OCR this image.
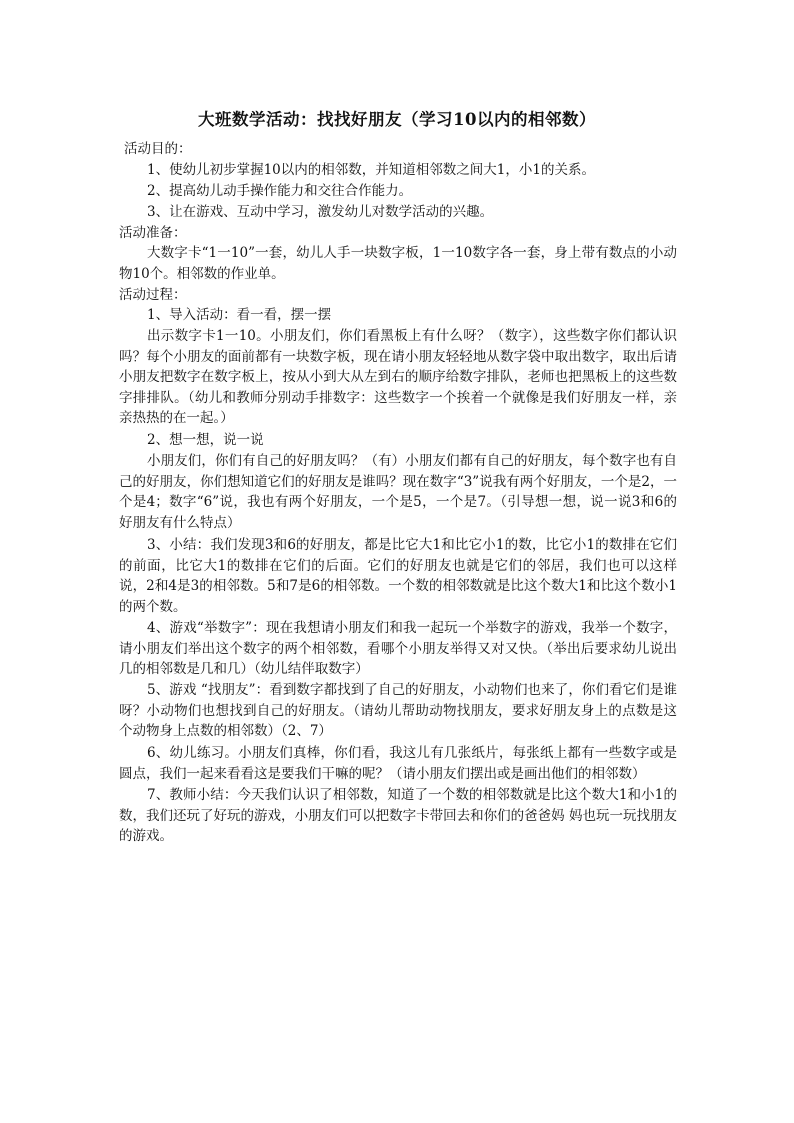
大班数学活动：找找好朋友（学习10以内的相邻数）
活动目的：
1、使幼儿初步掌握10以内的相邻数，并知道相邻数之间大1，小1的关系。
2、提高幼儿动手操作能力和交往合作能力。
3、让在游戏、互动中学习，激发幼儿对数学活动的兴趣。
活动准备：

大数字卡“1一10”一套，幼儿人手一块数字板，1一10数字各一套，身上带有数点的小动物10个。相邻数的作业单。

活动过程：
1、导入活动：看一看，摆一摆

出示数字卡1一10。小朋友们，你们看黑板上有什么呀？（数字），这些数字你们都认识吗？每个小朋友的面前都有一块数字板，现在请小朋友轻轻地从数字袋中取出数字，取出后请小朋友把数字在数字板上，按从小到大从左到右的顺序给数字排队，老师也把黑板上的这些数字排排队。（幼儿和教师分别动手排数字：这些数字一个挨着一个就像是我们好朋友一样，亲亲热热的在一起。）

2、想一想，说一说

小朋友们，你们有自己的好朋友吗？（有）小朋友们都有自己的好朋友，每个数字也有自己的好朋友，你们想知道它们的好朋友是谁吗？现在数字“3”说我有两个好朋友，一个是2，一个是4；数字“6”说，我也有两个好朋友，一个是5，一个是7。（引导想一想，说一说3和6的好朋友有什么特点）

3、小结：我们发现3和6的好朋友，都是比它大1和比它小1的数，比它小1的数排在它们的前面，比它大1的数排在它们的后面。它们的好朋友也就是它们的邻居，我们也可以这样说，2和4是3的相邻数。5和7是6的相邻数。一个数的相邻数就是比这个数大1和比这个数小1的两个数。

4、游戏“举数字”：现在我想请小朋友们和我一起玩一个举数字的游戏，我举一个数字，请小朋友们举出这个数字的两个相邻数，看哪个小朋友举得又对又快。（举出后要求幼儿说出几的相邻数是几和几）（幼儿结伴取数字）

5、游戏 “找朋友”：看到数字都找到了自己的好朋友，小动物们也来了，你们看它们是谁呀？小动物们也想找到自己的好朋友。（请幼儿帮助动物找朋友，要求好朋友身上的点数是这个动物身上点数的相邻数）（2、7）

6、幼儿练习。小朋友们真棒，你们看，我这儿有几张纸片，每张纸上都有一些数字或是圆点，我们一起来看看这是要我们干嘛的呢？（请小朋友们摆出或是画出他们的相邻数）

7、教师小结：今天我们认识了相邻数，知道了一个数的相邻数就是比这个数大1和小1的数，我们还玩了好玩的游戏，小朋友们可以把数字卡带回去和你们的爸爸妈 妈也玩一玩找朋友的游戏。
